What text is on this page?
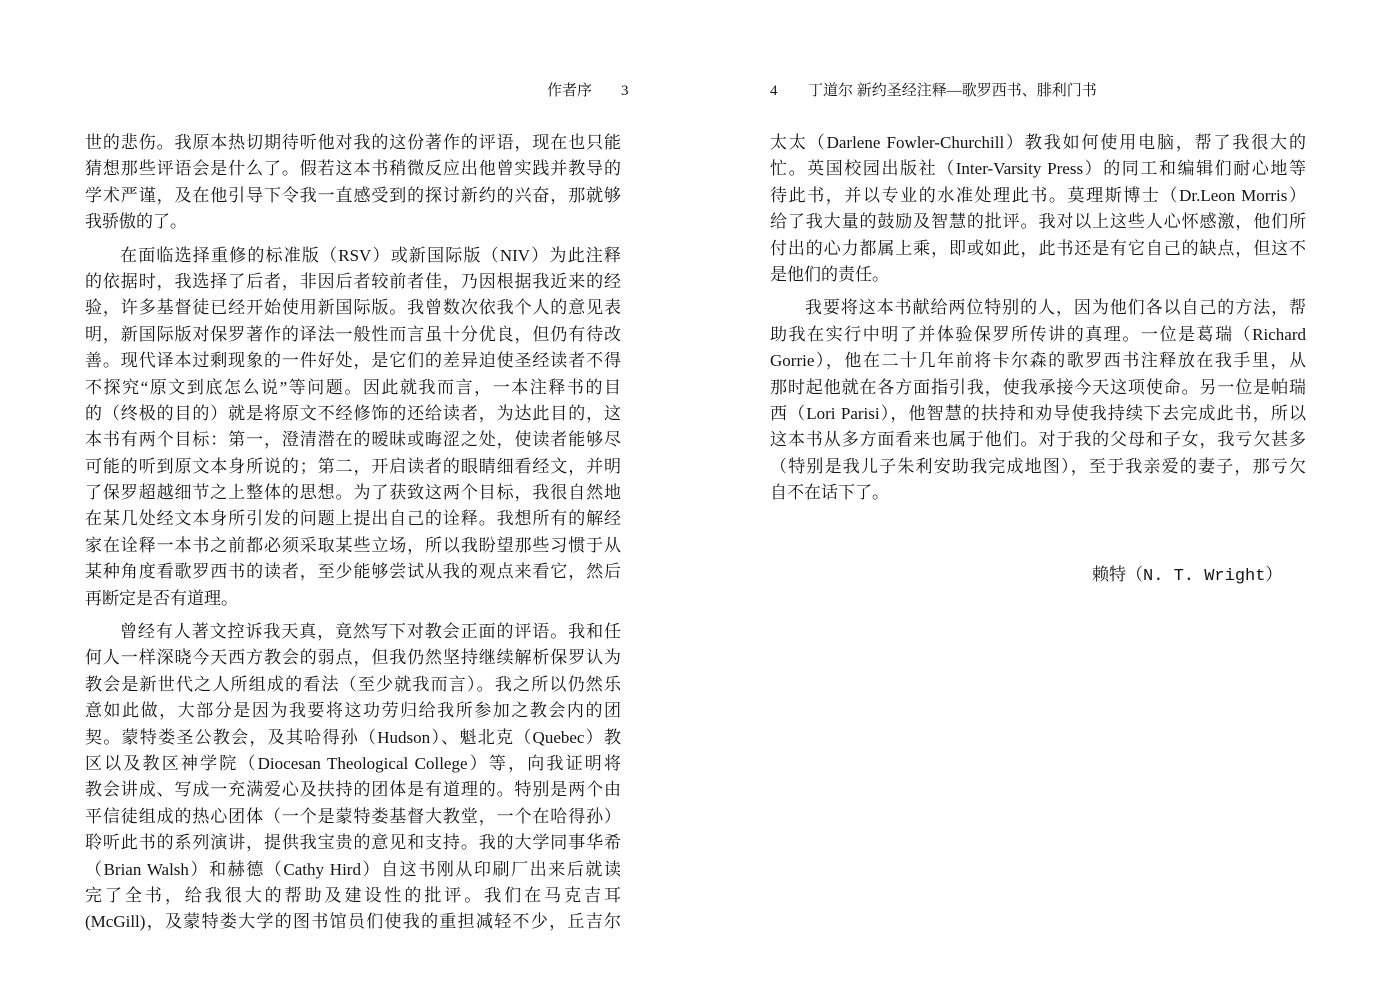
作者序 3
世的悲伤。我原本热切期待听他对我的这份著作的评语，现在也只能
猜想那些评语会是什么了。假若这本书稍微反应出他曾实践并教导的
学术严谨，及在他引导下令我一直感受到的探讨新约的兴奋，那就够
我骄傲的了。
在面临选择重修的标准版（RSV）或新国际版（NIV）为此注释
的依据时，我选择了后者，非因后者较前者佳，乃因根据我近来的经
验，许多基督徒已经开始使用新国际版。我曾数次依我个人的意见表
明，新国际版对保罗著作的译法一般性而言虽十分优良，但仍有待改
善。现代译本过剩现象的一件好处，是它们的差异迫使圣经读者不得
不探究“原文到底怎么说”等问题。因此就我而言，一本注释书的目
的（终极的目的）就是将原文不经修饰的还给读者，为达此目的，这
本书有两个目标：第一，澄清潜在的暧昧或晦涩之处，使读者能够尽
可能的听到原文本身所说的；第二，开启读者的眼睛细看经文，并明
了保罗超越细节之上整体的思想。为了获致这两个目标，我很自然地
在某几处经文本身所引发的问题上提出自己的诠释。我想所有的解经
家在诠释一本书之前都必须采取某些立场，所以我盼望那些习惯于从
某种角度看歌罗西书的读者，至少能够尝试从我的观点来看它，然后
再断定是否有道理。
曾经有人著文控诉我天真，竟然写下对教会正面的评语。我和任
何人一样深晓今天西方教会的弱点，但我仍然坚持继续解析保罗认为
教会是新世代之人所组成的看法（至少就我而言）。我之所以仍然乐
意如此做，大部分是因为我要将这功劳归给我所参加之教会内的团
契。蒙特娄圣公教会，及其哈得孙（Hudson）、魁北克（Quebec）教
区以及教区神学院（Diocesan Theological College）等，向我证明将
教会讲成、写成一充满爱心及扶持的团体是有道理的。特别是两个由
平信徒组成的热心团体（一个是蒙特娄基督大教堂，一个在哈得孙）
聆听此书的系列演讲，提供我宝贵的意见和支持。我的大学同事华希
（Brian Walsh）和赫德（Cathy Hird）自这书刚从印刷厂出来后就读
完了全书，给我很大的帮助及建设性的批评。我们在马克吉耳
(McGill)，及蒙特娄大学的图书馆员们使我的重担减轻不少，丘吉尔
4 丁道尔 新约圣经注释—歌罗西书、腓利门书
太太（Darlene Fowler-Churchill）教我如何使用电脑，帮了我很大的
忙。英国校园出版社（Inter-Varsity Press）的同工和编辑们耐心地等
待此书，并以专业的水准处理此书。莫理斯博士（Dr.Leon Morris）
给了我大量的鼓励及智慧的批评。我对以上这些人心怀感激，他们所
付出的心力都属上乘，即或如此，此书还是有它自己的缺点，但这不
是他们的责任。
我要将这本书献给两位特别的人，因为他们各以自己的方法，帮
助我在实行中明了并体验保罗所传讲的真理。一位是葛瑞（Richard
Gorrie），他在二十几年前将卡尔森的歌罗西书注释放在我手里，从
那时起他就在各方面指引我，使我承接今天这项使命。另一位是帕瑞
西（Lori Parisi），他智慧的扶持和劝导使我持续下去完成此书，所以
这本书从多方面看来也属于他们。对于我的父母和子女，我亏欠甚多
（特别是我儿子朱利安助我完成地图），至于我亲爱的妻子，那亏欠
自不在话下了。
赖特（N. T. Wright）
